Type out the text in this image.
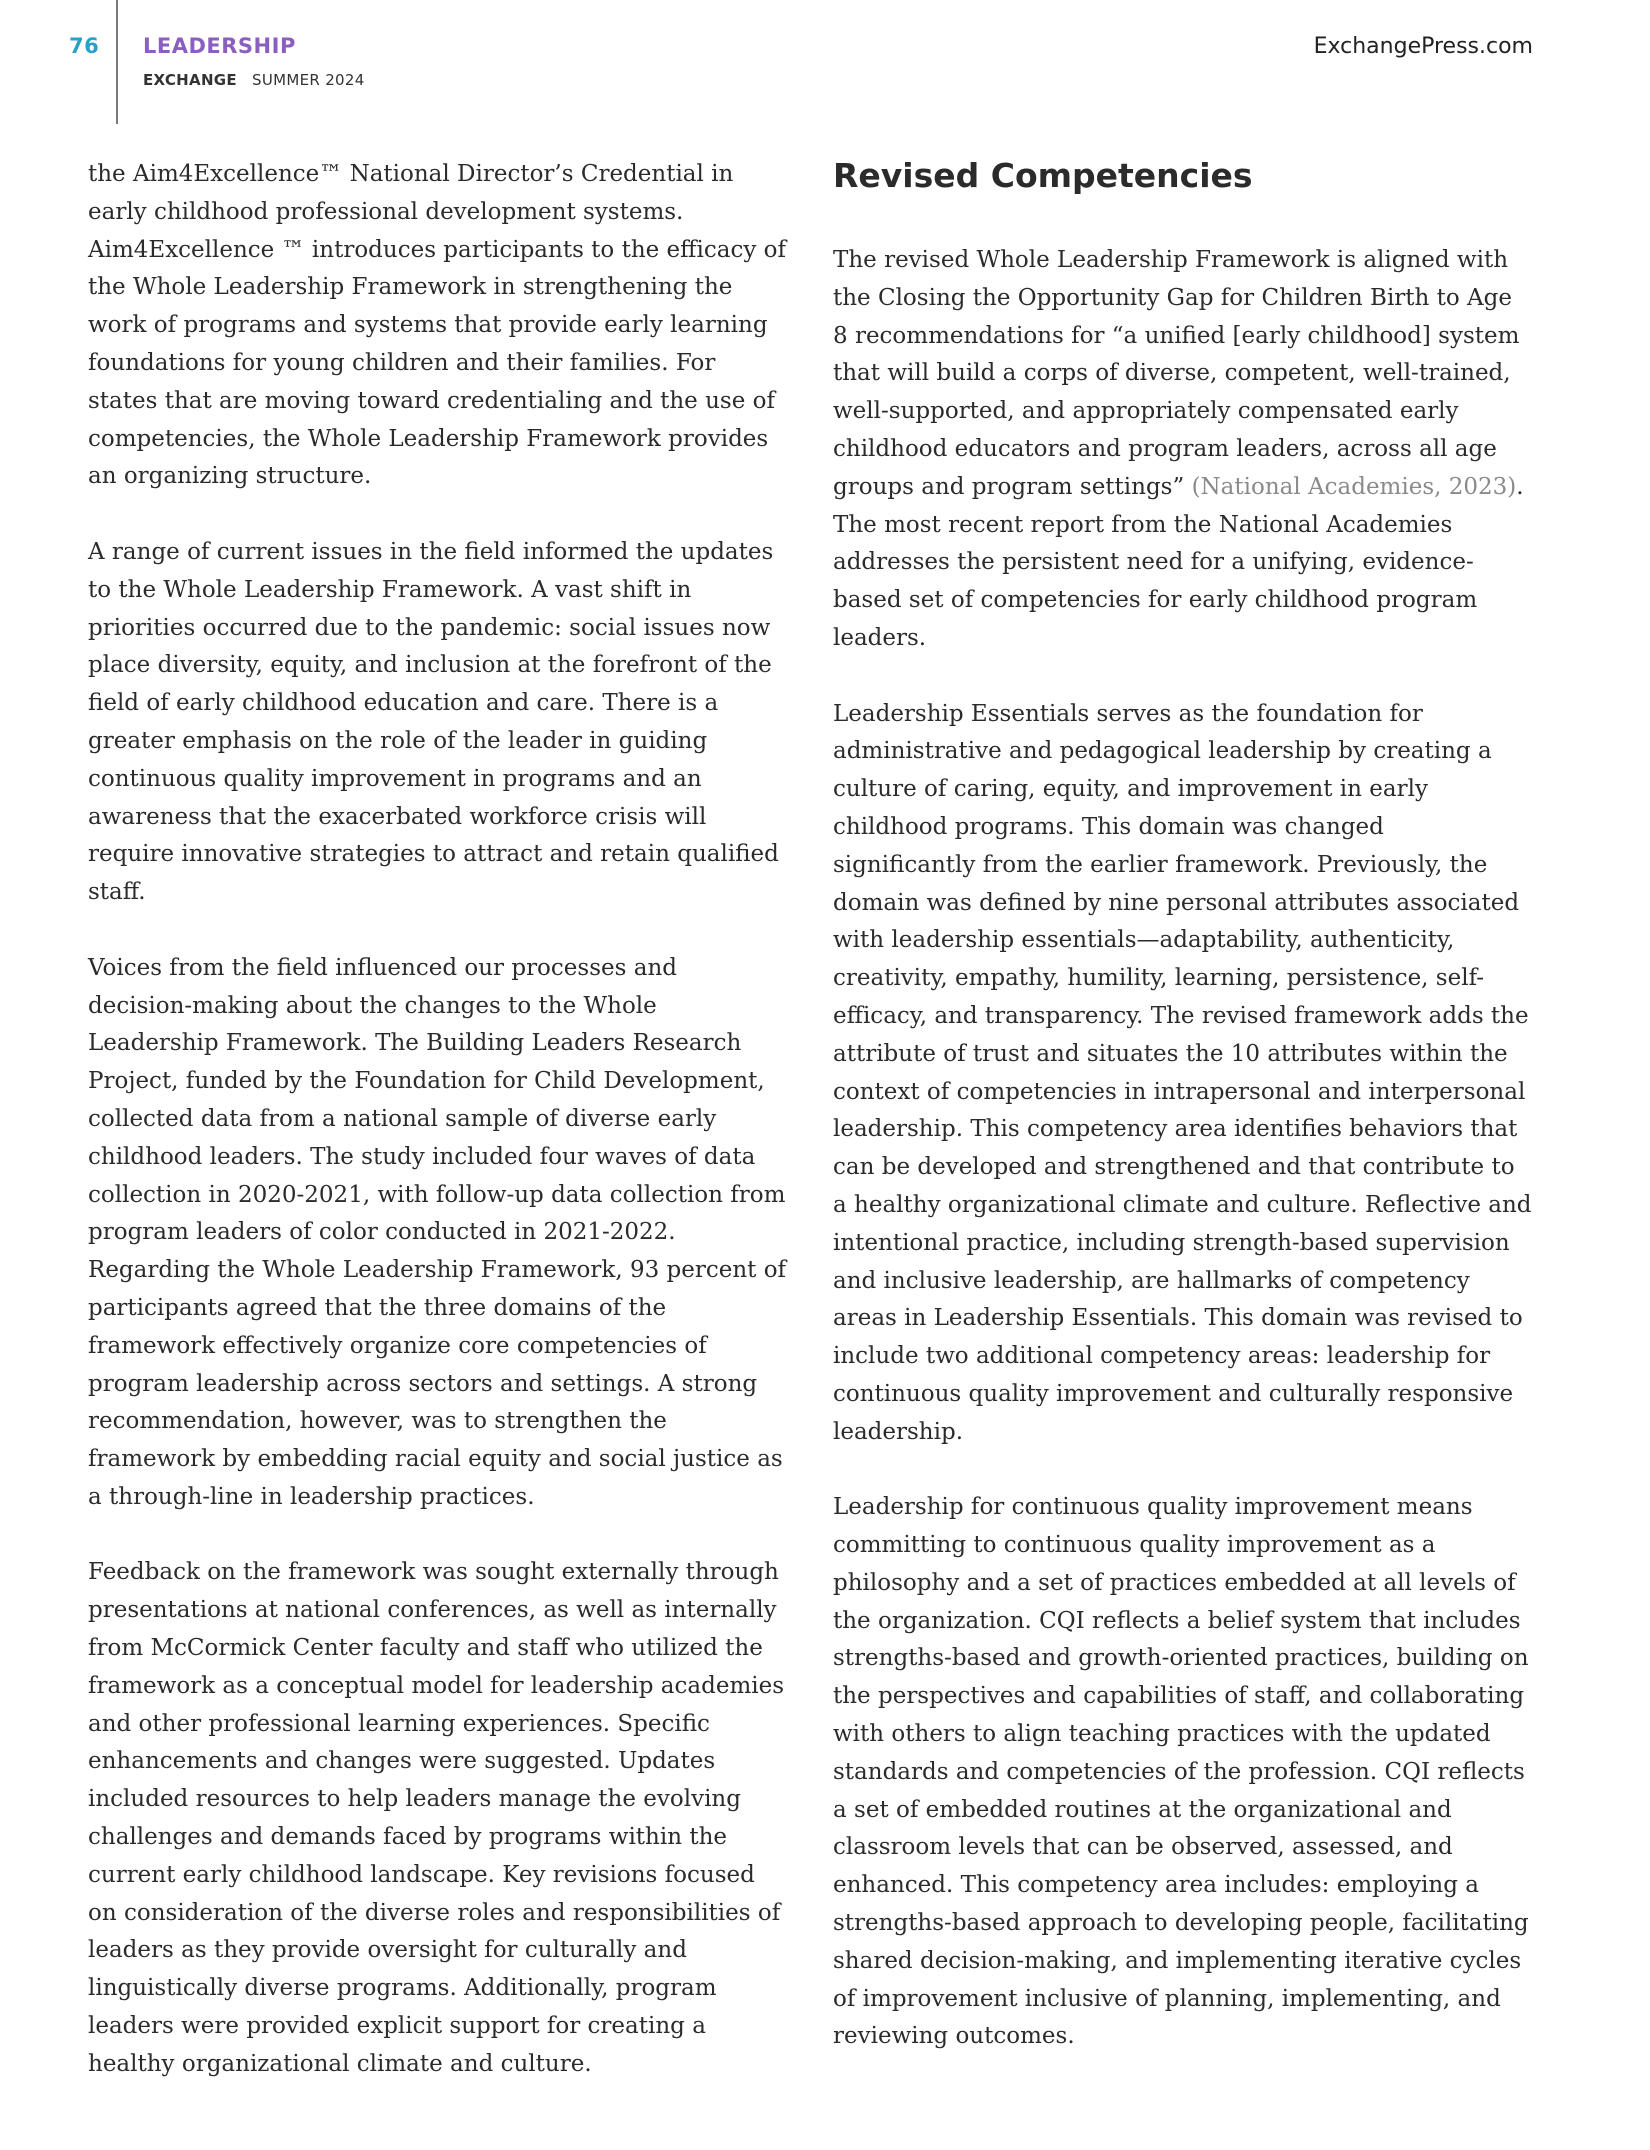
76 LEADERSHIP
EXCHANGE SUMMER 2024
ExchangePress.com

the Aim4Excellence™ National Director’s Credential in early childhood professional development systems. Aim4Excellence ™ introduces participants to the efficacy of the Whole Leadership Framework in strengthening the work of programs and systems that provide early learning foundations for young children and their families. For states that are moving toward credentialing and the use of competencies, the Whole Leadership Framework provides an organizing structure.

A range of current issues in the field informed the updates to the Whole Leadership Framework. A vast shift in priorities occurred due to the pandemic: social issues now place diversity, equity, and inclusion at the forefront of the field of early childhood education and care. There is a greater emphasis on the role of the leader in guiding continuous quality improvement in programs and an awareness that the exacerbated workforce crisis will require innovative strategies to attract and retain qualified staff.

Voices from the field influenced our processes and decision-making about the changes to the Whole Leadership Framework. The Building Leaders Research Project, funded by the Foundation for Child Development, collected data from a national sample of diverse early childhood leaders. The study included four waves of data collection in 2020-2021, with follow-up data collection from program leaders of color conducted in 2021-2022. Regarding the Whole Leadership Framework, 93 percent of participants agreed that the three domains of the framework effectively organize core competencies of program leadership across sectors and settings. A strong recommendation, however, was to strengthen the framework by embedding racial equity and social justice as a through-line in leadership practices.

Feedback on the framework was sought externally through presentations at national conferences, as well as internally from McCormick Center faculty and staff who utilized the framework as a conceptual model for leadership academies and other professional learning experiences. Specific enhancements and changes were suggested. Updates included resources to help leaders manage the evolving challenges and demands faced by programs within the current early childhood landscape. Key revisions focused on consideration of the diverse roles and responsibilities of leaders as they provide oversight for culturally and linguistically diverse programs. Additionally, program leaders were provided explicit support for creating a healthy organizational climate and culture.

Revised Competencies

The revised Whole Leadership Framework is aligned with the Closing the Opportunity Gap for Children Birth to Age 8 recommendations for “a unified [early childhood] system that will build a corps of diverse, competent, well-trained, well-supported, and appropriately compensated early childhood educators and program leaders, across all age groups and program settings” (National Academies, 2023). The most recent report from the National Academies addresses the persistent need for a unifying, evidence-based set of competencies for early childhood program leaders.

Leadership Essentials serves as the foundation for administrative and pedagogical leadership by creating a culture of caring, equity, and improvement in early childhood programs. This domain was changed significantly from the earlier framework. Previously, the domain was defined by nine personal attributes associated with leadership essentials—adaptability, authenticity, creativity, empathy, humility, learning, persistence, self-efficacy, and transparency. The revised framework adds the attribute of trust and situates the 10 attributes within the context of competencies in intrapersonal and interpersonal leadership. This competency area identifies behaviors that can be developed and strengthened and that contribute to a healthy organizational climate and culture. Reflective and intentional practice, including strength-based supervision and inclusive leadership, are hallmarks of competency areas in Leadership Essentials. This domain was revised to include two additional competency areas: leadership for continuous quality improvement and culturally responsive leadership.

Leadership for continuous quality improvement means committing to continuous quality improvement as a philosophy and a set of practices embedded at all levels of the organization. CQI reflects a belief system that includes strengths-based and growth-oriented practices, building on the perspectives and capabilities of staff, and collaborating with others to align teaching practices with the updated standards and competencies of the profession. CQI reflects a set of embedded routines at the organizational and classroom levels that can be observed, assessed, and enhanced. This competency area includes: employing a strengths-based approach to developing people, facilitating shared decision-making, and implementing iterative cycles of improvement inclusive of planning, implementing, and reviewing outcomes.
